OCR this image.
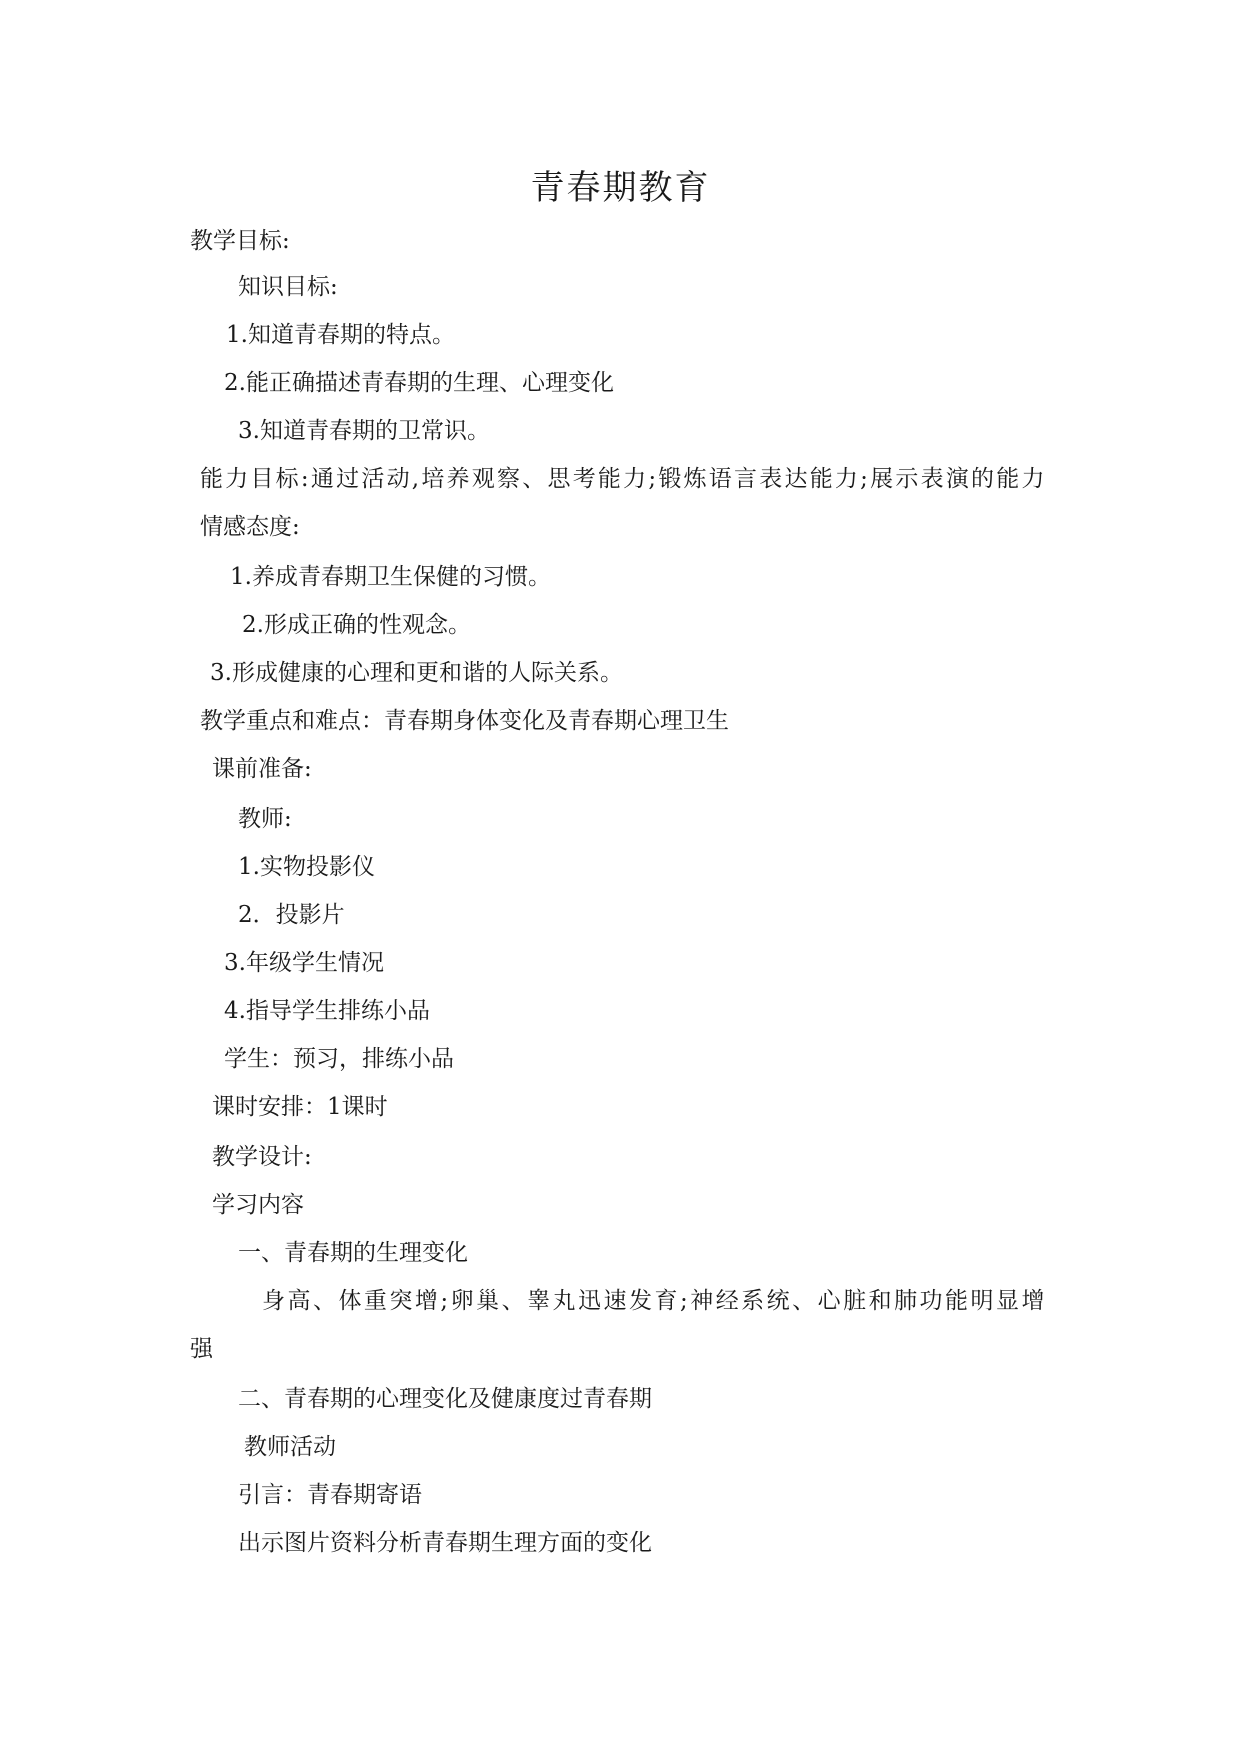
青春期教育

教学目标:

知识目标:

1.知道青春期的特点。

2.能正确描述青春期的生理、心理变化

3.知道青春期的卫常识。

能力目标:通过活动,培养观察、思考能力;锻炼语言表达能力;展示表演的能力

情感态度:

1.养成青春期卫生保健的习惯。

2.形成正确的性观念。

3.形成健康的心理和更和谐的人际关系。

教学重点和难点：青春期身体变化及青春期心理卫生

课前准备:

教师:

1.实物投影仪

2．投影片

3.年级学生情况

4.指导学生排练小品

学生：预习，排练小品

课时安排：1课时

教学设计:

学习内容

一、青春期的生理变化

身高、体重突增;卵巢、睾丸迅速发育;神经系统、心脏和肺功能明显增

强

二、青春期的心理变化及健康度过青春期

教师活动

引言：青春期寄语

出示图片资料分析青春期生理方面的变化
